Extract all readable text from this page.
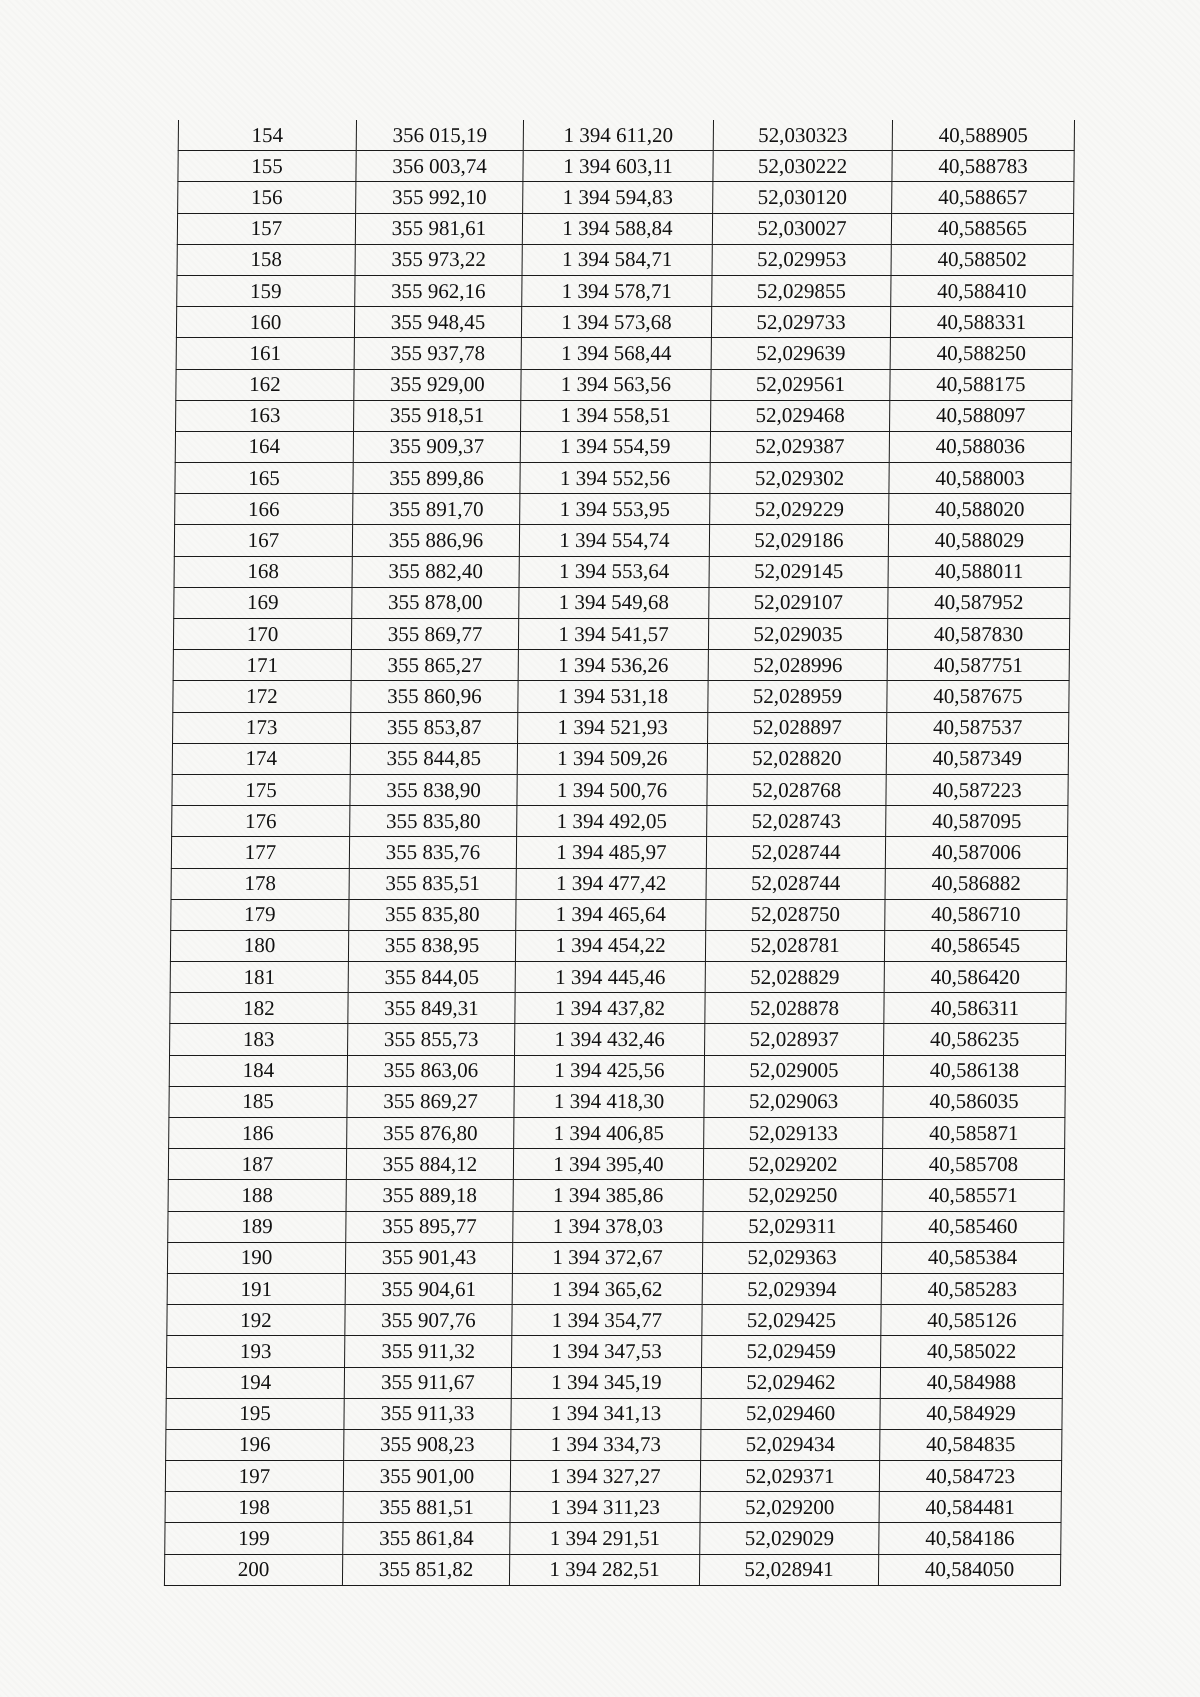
154	356 015,19	1 394 611,20	52,030323	40,588905
155	356 003,74	1 394 603,11	52,030222	40,588783
156	355 992,10	1 394 594,83	52,030120	40,588657
157	355 981,61	1 394 588,84	52,030027	40,588565
158	355 973,22	1 394 584,71	52,029953	40,588502
159	355 962,16	1 394 578,71	52,029855	40,588410
160	355 948,45	1 394 573,68	52,029733	40,588331
161	355 937,78	1 394 568,44	52,029639	40,588250
162	355 929,00	1 394 563,56	52,029561	40,588175
163	355 918,51	1 394 558,51	52,029468	40,588097
164	355 909,37	1 394 554,59	52,029387	40,588036
165	355 899,86	1 394 552,56	52,029302	40,588003
166	355 891,70	1 394 553,95	52,029229	40,588020
167	355 886,96	1 394 554,74	52,029186	40,588029
168	355 882,40	1 394 553,64	52,029145	40,588011
169	355 878,00	1 394 549,68	52,029107	40,587952
170	355 869,77	1 394 541,57	52,029035	40,587830
171	355 865,27	1 394 536,26	52,028996	40,587751
172	355 860,96	1 394 531,18	52,028959	40,587675
173	355 853,87	1 394 521,93	52,028897	40,587537
174	355 844,85	1 394 509,26	52,028820	40,587349
175	355 838,90	1 394 500,76	52,028768	40,587223
176	355 835,80	1 394 492,05	52,028743	40,587095
177	355 835,76	1 394 485,97	52,028744	40,587006
178	355 835,51	1 394 477,42	52,028744	40,586882
179	355 835,80	1 394 465,64	52,028750	40,586710
180	355 838,95	1 394 454,22	52,028781	40,586545
181	355 844,05	1 394 445,46	52,028829	40,586420
182	355 849,31	1 394 437,82	52,028878	40,586311
183	355 855,73	1 394 432,46	52,028937	40,586235
184	355 863,06	1 394 425,56	52,029005	40,586138
185	355 869,27	1 394 418,30	52,029063	40,586035
186	355 876,80	1 394 406,85	52,029133	40,585871
187	355 884,12	1 394 395,40	52,029202	40,585708
188	355 889,18	1 394 385,86	52,029250	40,585571
189	355 895,77	1 394 378,03	52,029311	40,585460
190	355 901,43	1 394 372,67	52,029363	40,585384
191	355 904,61	1 394 365,62	52,029394	40,585283
192	355 907,76	1 394 354,77	52,029425	40,585126
193	355 911,32	1 394 347,53	52,029459	40,585022
194	355 911,67	1 394 345,19	52,029462	40,584988
195	355 911,33	1 394 341,13	52,029460	40,584929
196	355 908,23	1 394 334,73	52,029434	40,584835
197	355 901,00	1 394 327,27	52,029371	40,584723
198	355 881,51	1 394 311,23	52,029200	40,584481
199	355 861,84	1 394 291,51	52,029029	40,584186
200	355 851,82	1 394 282,51	52,028941	40,584050
